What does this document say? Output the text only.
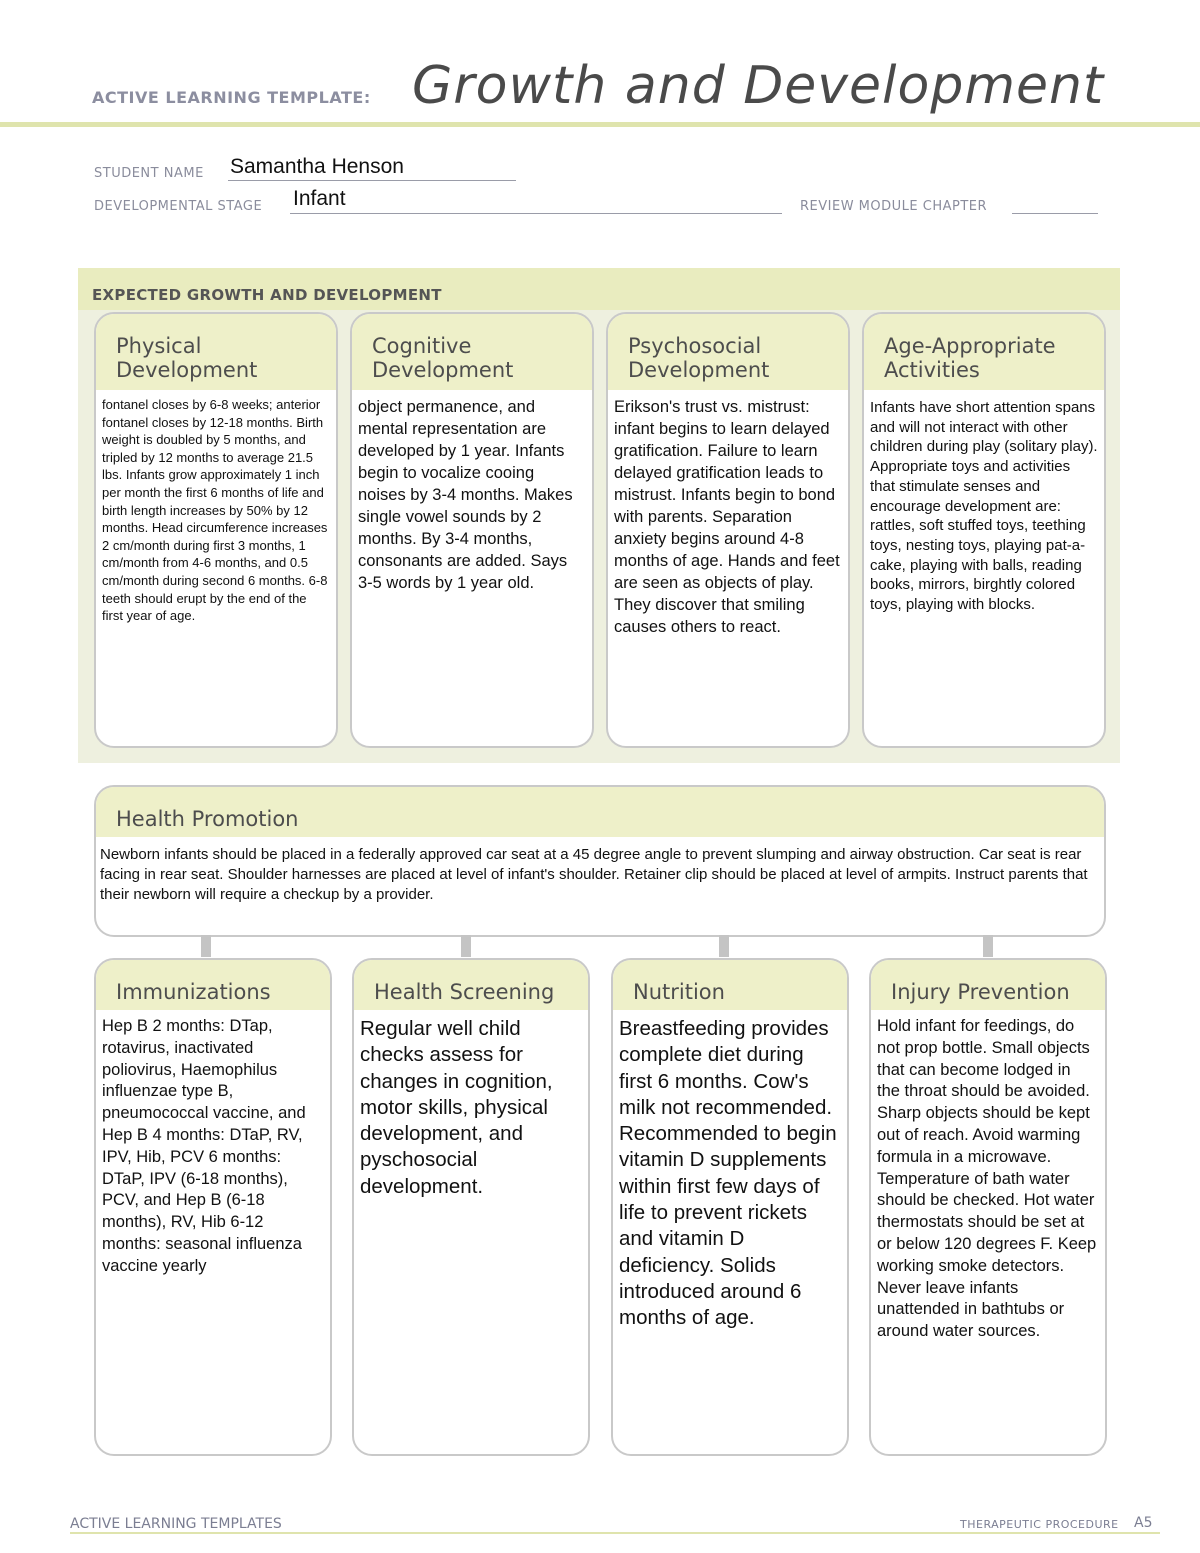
ACTIVE LEARNING TEMPLATE: Growth and Development
STUDENT NAME Samantha Henson
DEVELOPMENTAL STAGE Infant	REVIEW MODULE CHAPTER
EXPECTED GROWTH AND DEVELOPMENT
Physical
Development
fontanel closes by 6-8 weeks; anterior fontanel closes by 12-18 months. Birth weight is doubled by 5 months, and tripled by 12 months to average 21.5 lbs. Infants grow approximately 1 inch per month the first 6 months of life and birth length increases by 50% by 12 months. Head circumference increases 2 cm/month during first 3 months, 1 cm/month from 4-6 months, and 0.5 cm/month during second 6 months. 6-8 teeth should erupt by the end of the first year of age.
Cognitive
Development
object permanence, and mental representation are developed by 1 year. Infants begin to vocalize cooing noises by 3-4 months. Makes single vowel sounds by 2 months. By 3-4 months, consonants are added. Says 3-5 words by 1 year old.
Psychosocial
Development
Erikson's trust vs. mistrust: infant begins to learn delayed gratification. Failure to learn delayed gratification leads to mistrust. Infants begin to bond with parents. Separation anxiety begins around 4-8 months of age. Hands and feet are seen as objects of play. They discover that smiling causes others to react.
Age-Appropriate
Activities
Infants have short attention spans and will not interact with other children during play (solitary play). Appropriate toys and activities that stimulate senses and encourage development are: rattles, soft stuffed toys, teething toys, nesting toys, playing pat-a-cake, playing with balls, reading books, mirrors, birghtly colored toys, playing with blocks.
Health Promotion
Newborn infants should be placed in a federally approved car seat at a 45 degree angle to prevent slumping and airway obstruction. Car seat is rear facing in rear seat. Shoulder harnesses are placed at level of infant's shoulder. Retainer clip should be placed at level of armpits. Instruct parents that their newborn will require a checkup by a provider.
Immunizations
Hep B 2 months: DTap, rotavirus, inactivated poliovirus, Haemophilus influenzae type B, pneumococcal vaccine, and Hep B 4 months: DTaP, RV, IPV, Hib, PCV 6 months: DTaP, IPV (6-18 months), PCV, and Hep B (6-18 months), RV, Hib 6-12 months: seasonal influenza vaccine yearly
Health Screening
Regular well child checks assess for changes in cognition, motor skills, physical development, and pyschosocial development.
Nutrition
Breastfeeding provides complete diet during first 6 months. Cow's milk not recommended. Recommended to begin vitamin D supplements within first few days of life to prevent rickets and vitamin D deficiency. Solids introduced around 6 months of age.
Injury Prevention
Hold infant for feedings, do not prop bottle. Small objects that can become lodged in the throat should be avoided. Sharp objects should be kept out of reach. Avoid warming formula in a microwave. Temperature of bath water should be checked. Hot water thermostats should be set at or below 120 degrees F. Keep working smoke detectors. Never leave infants unattended in bathtubs or around water sources.
ACTIVE LEARNING TEMPLATES	THERAPEUTIC PROCEDURE A5
